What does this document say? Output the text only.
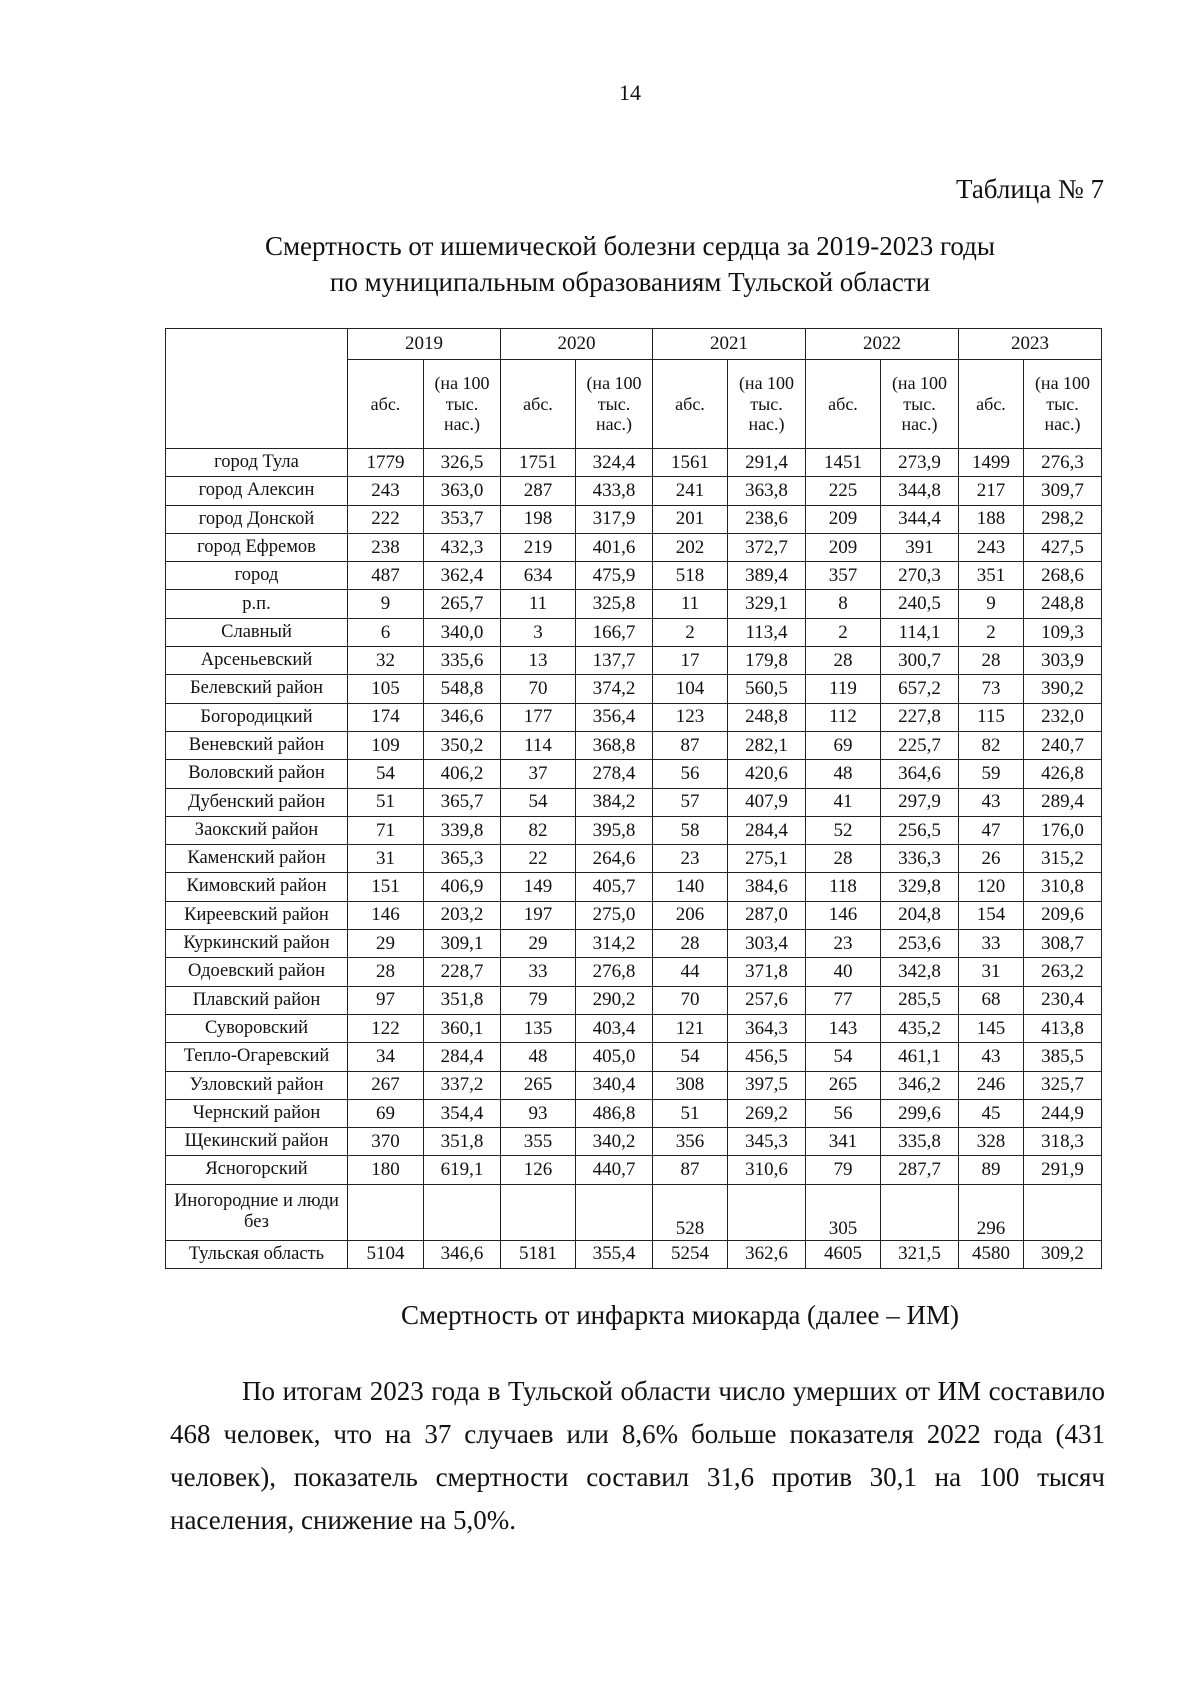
14
Таблица № 7
Смертность от ишемической болезни сердца за 2019-2023 годы
по муниципальным образованиям Тульской области
	2019		2020		2021		2022		2023	
	абс.	(на 100 тыс. нас.)	абс.	(на 100 тыс. нас.)	абс.	(на 100 тыс. нас.)	абс.	(на 100 тыс. нас.)	абс.	(на 100 тыс. нас.)
город Тула	1779	326,5	1751	324,4	1561	291,4	1451	273,9	1499	276,3
город Алексин	243	363,0	287	433,8	241	363,8	225	344,8	217	309,7
город Донской	222	353,7	198	317,9	201	238,6	209	344,4	188	298,2
город Ефремов	238	432,3	219	401,6	202	372,7	209	391	243	427,5
город	487	362,4	634	475,9	518	389,4	357	270,3	351	268,6
р.п.	9	265,7	11	325,8	11	329,1	8	240,5	9	248,8
Славный	6	340,0	3	166,7	2	113,4	2	114,1	2	109,3
Арсеньевский	32	335,6	13	137,7	17	179,8	28	300,7	28	303,9
Белевский район	105	548,8	70	374,2	104	560,5	119	657,2	73	390,2
Богородицкий	174	346,6	177	356,4	123	248,8	112	227,8	115	232,0
Веневский район	109	350,2	114	368,8	87	282,1	69	225,7	82	240,7
Воловский район	54	406,2	37	278,4	56	420,6	48	364,6	59	426,8
Дубенский район	51	365,7	54	384,2	57	407,9	41	297,9	43	289,4
Заокский район	71	339,8	82	395,8	58	284,4	52	256,5	47	176,0
Каменский район	31	365,3	22	264,6	23	275,1	28	336,3	26	315,2
Кимовский район	151	406,9	149	405,7	140	384,6	118	329,8	120	310,8
Киреевский район	146	203,2	197	275,0	206	287,0	146	204,8	154	209,6
Куркинский район	29	309,1	29	314,2	28	303,4	23	253,6	33	308,7
Одоевский район	28	228,7	33	276,8	44	371,8	40	342,8	31	263,2
Плавский район	97	351,8	79	290,2	70	257,6	77	285,5	68	230,4
Суворовский	122	360,1	135	403,4	121	364,3	143	435,2	145	413,8
Тепло-Огаревский	34	284,4	48	405,0	54	456,5	54	461,1	43	385,5
Узловский район	267	337,2	265	340,4	308	397,5	265	346,2	246	325,7
Чернский район	69	354,4	93	486,8	51	269,2	56	299,6	45	244,9
Щекинский район	370	351,8	355	340,2	356	345,3	341	335,8	328	318,3
Ясногорский	180	619,1	126	440,7	87	310,6	79	287,7	89	291,9
Иногородние и люди без					528		305		296	
Тульская область	5104	346,6	5181	355,4	5254	362,6	4605	321,5	4580	309,2
Смертность от инфаркта миокарда (далее – ИМ)
По итогам 2023 года в Тульской области число умерших от ИМ составило 468 человек, что на 37 случаев или 8,6% больше показателя 2022 года (431 человек), показатель смертности составил 31,6 против 30,1 на 100 тысяч населения, снижение на 5,0%.
